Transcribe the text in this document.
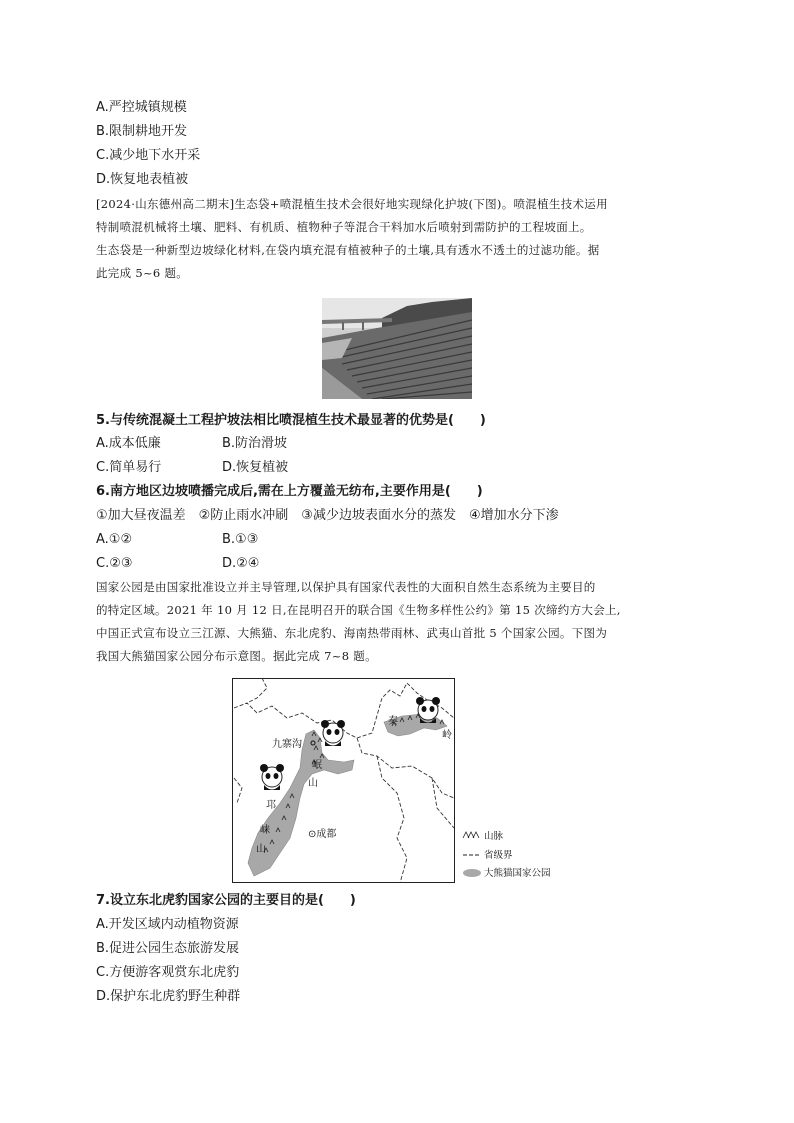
A.严控城镇规模
B.限制耕地开发
C.减少地下水开采
D.恢复地表植被
[2024·山东德州高二期末]生态袋+喷混植生技术会很好地实现绿化护坡(下图)。喷混植生技术运用
特制喷混机械将土壤、肥料、有机质、植物种子等混合干料加水后喷射到需防护的工程坡面上。
生态袋是一种新型边坡绿化材料,在袋内填充混有植被种子的土壤,具有透水不透土的过滤功能。据
此完成 5~6 题。
5.与传统混凝土工程护坡法相比喷混植生技术最显著的优势是(　　)
A.成本低廉	B.防治滑坡
C.简单易行	D.恢复植被
6.南方地区边坡喷播完成后,需在上方覆盖无纺布,主要作用是(　　)
①加大昼夜温差　②防止雨水冲刷　③减少边坡表面水分的蒸发　④增加水分下渗
A.①②	B.①③
C.②③	D.②④
国家公园是由国家批准设立并主导管理,以保护具有国家代表性的大面积自然生态系统为主要目的
的特定区域。2021 年 10 月 12 日,在昆明召开的联合国《生物多样性公约》第 15 次缔约方大会上,
中国正式宣布设立三江源、大熊猫、东北虎豹、海南热带雨林、武夷山首批 5 个国家公园。下图为
我国大熊猫国家公园分布示意图。据此完成 7~8 题。
九寨沟
⊙成都
秦
岭
岷
山
邛
崃
山
山脉
省级界
大熊猫国家公园
7.设立东北虎豹国家公园的主要目的是(　　)
A.开发区域内动植物资源
B.促进公园生态旅游发展
C.方便游客观赏东北虎豹
D.保护东北虎豹野生种群
